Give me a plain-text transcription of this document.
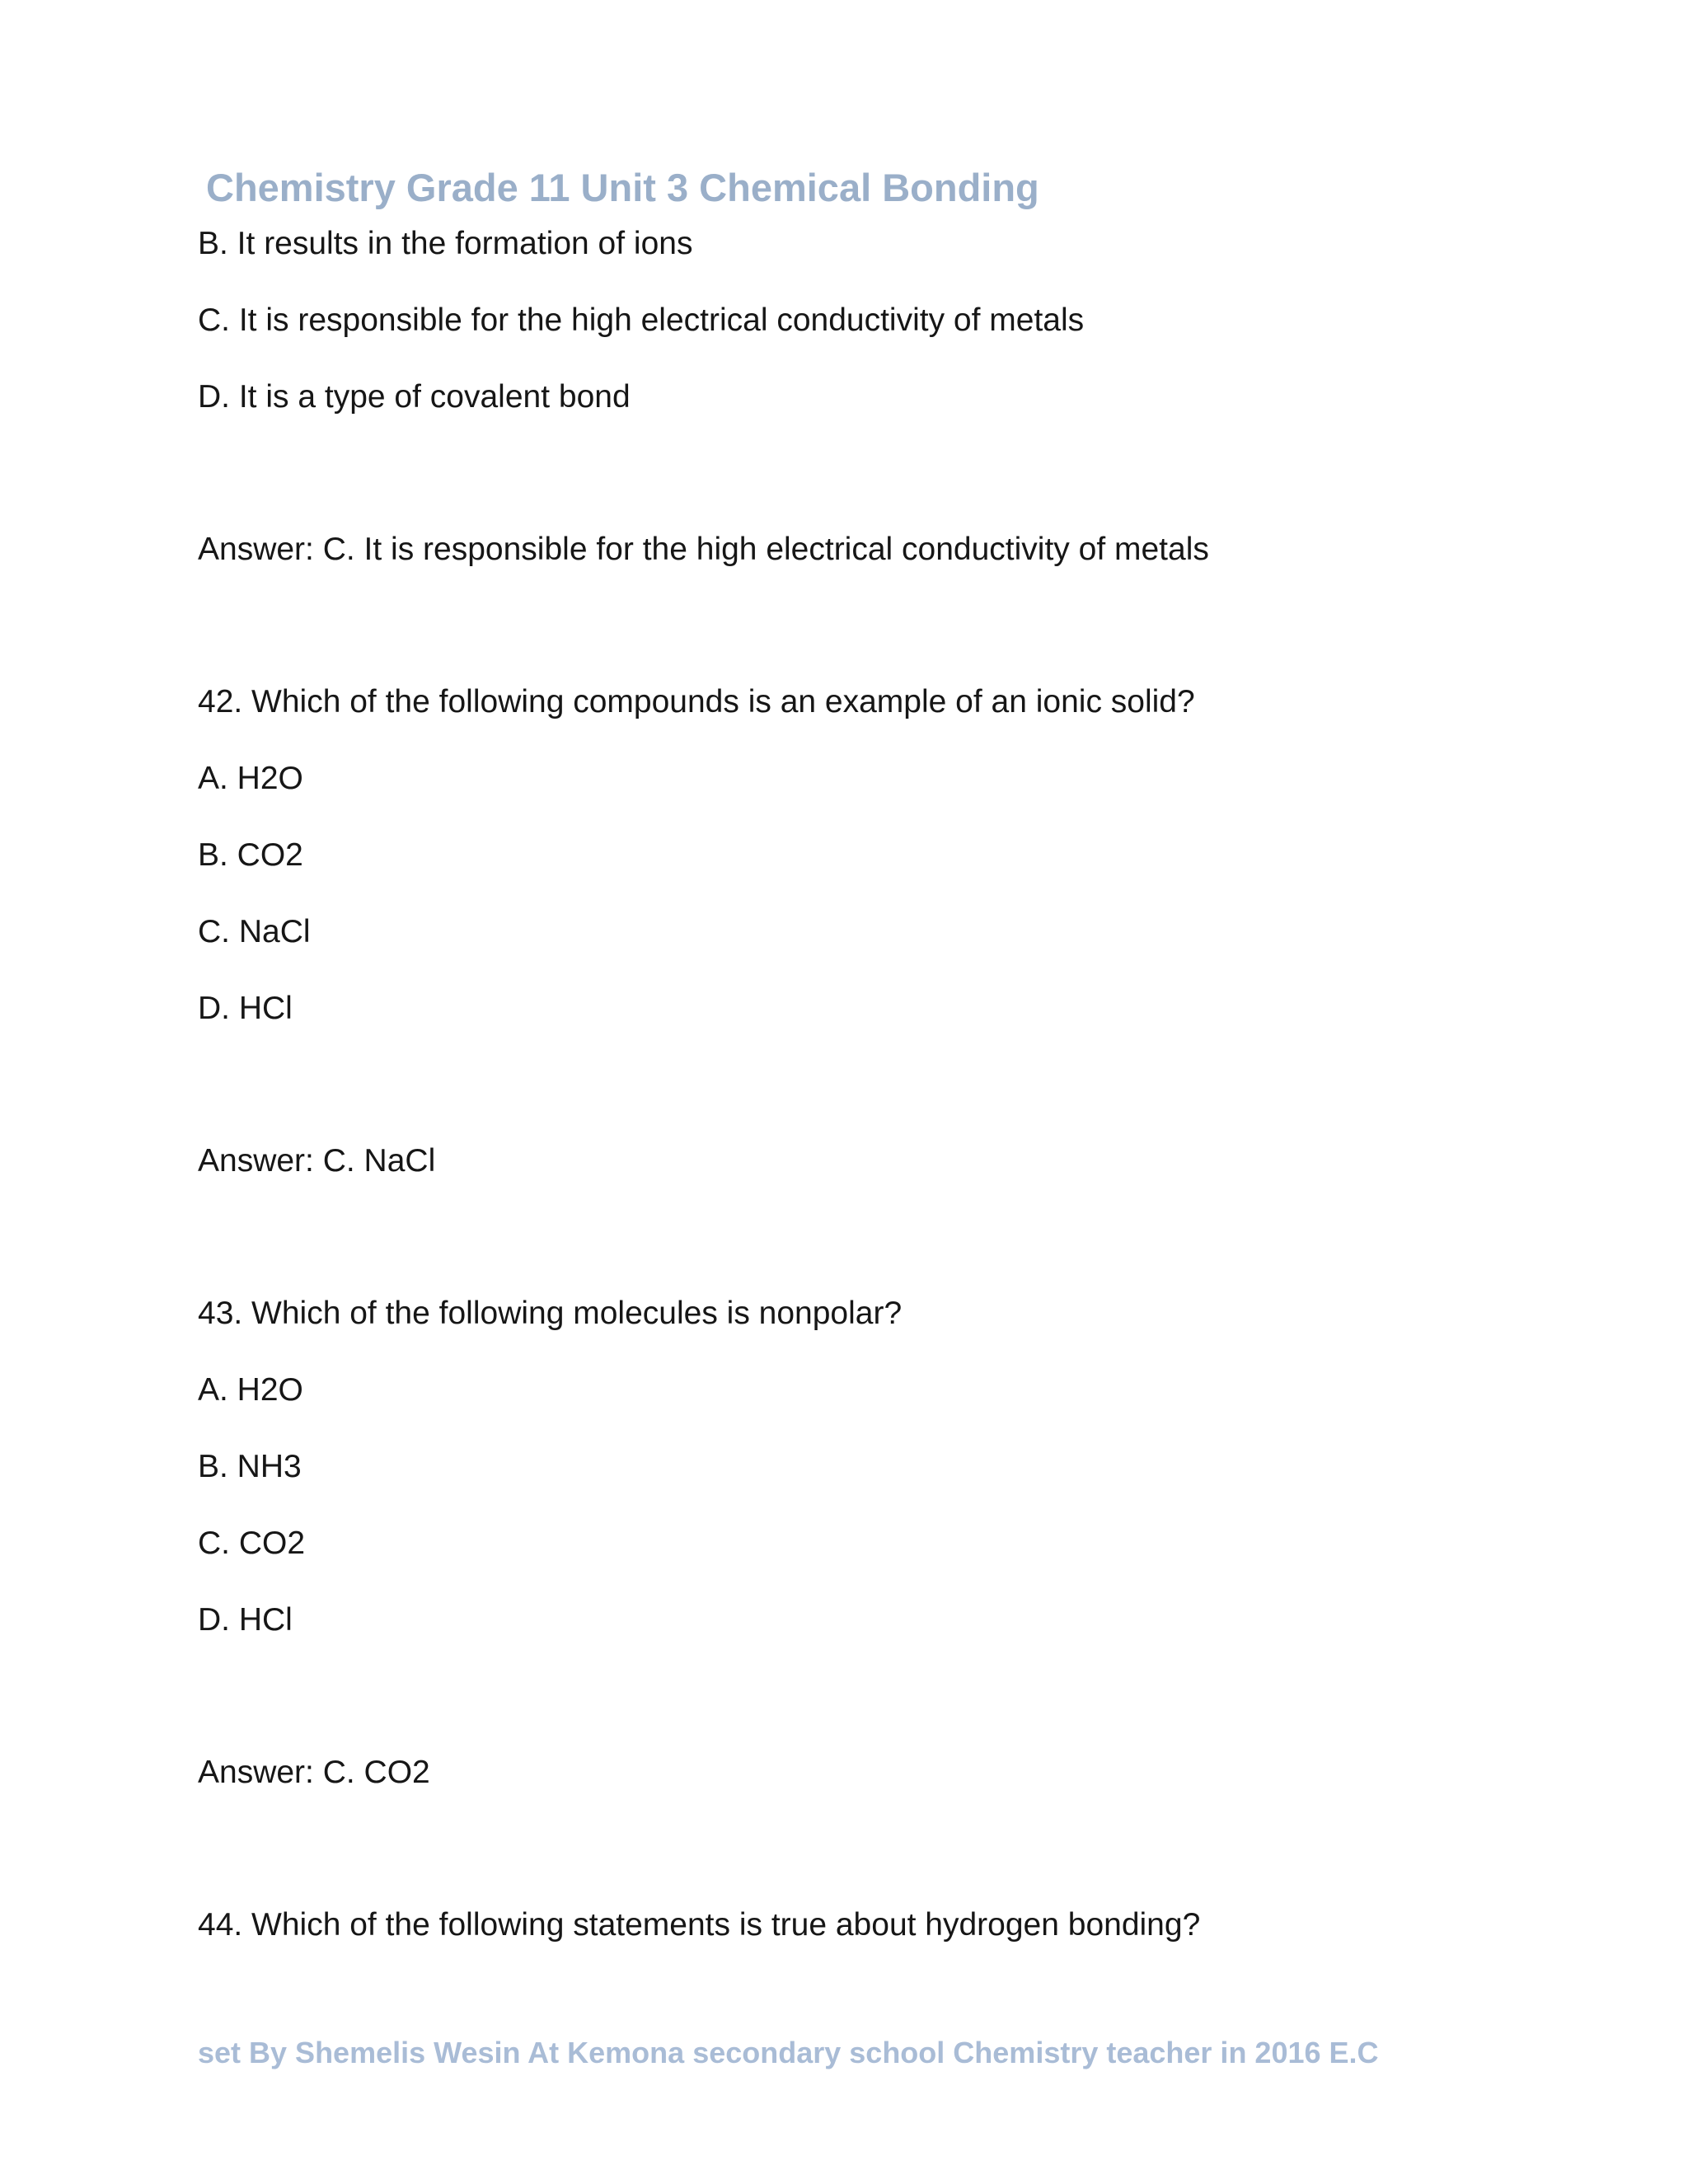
Chemistry Grade 11 Unit 3 Chemical Bonding
B. It results in the formation of ions
C. It is responsible for the high electrical conductivity of metals
D. It is a type of covalent bond
Answer: C. It is responsible for the high electrical conductivity of metals
42. Which of the following compounds is an example of an ionic solid?
A. H2O
B. CO2
C. NaCl
D. HCl
Answer: C. NaCl
43. Which of the following molecules is nonpolar?
A. H2O
B. NH3
C. CO2
D. HCl
Answer: C. CO2
44. Which of the following statements is true about hydrogen bonding?
set By Shemelis Wesin At Kemona secondary school Chemistry teacher in 2016 E.C
